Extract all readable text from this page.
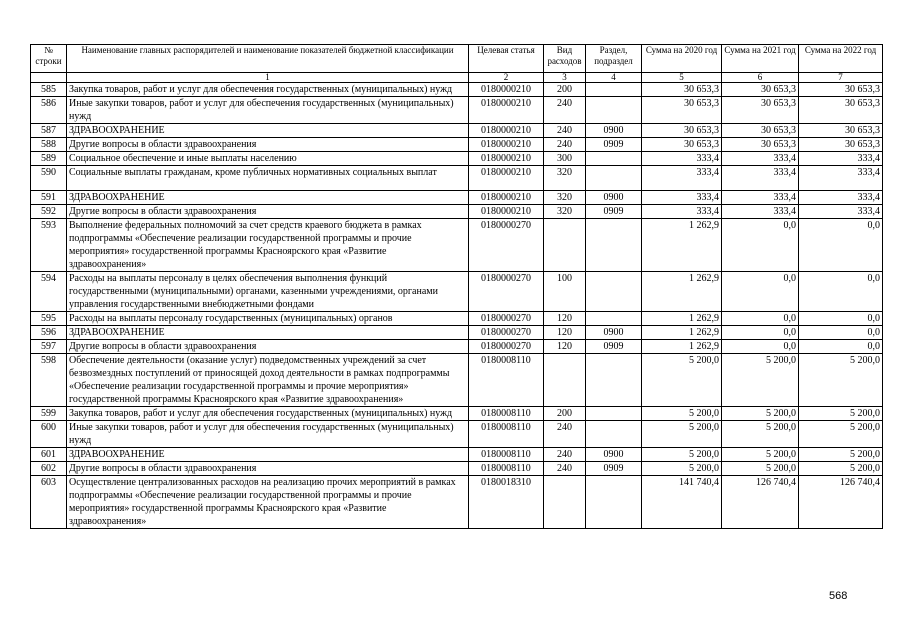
№ строки	Наименование главных распорядителей и наименование показателей бюджетной классификации	Целевая статья	Вид расходов	Раздел, подраздел	Сумма на 2020 год	Сумма на 2021 год	Сумма на 2022 год
	1	2	3	4	5	6	7
585	Закупка товаров, работ и услуг для обеспечения государственных (муниципальных) нужд	0180000210	200		30 653,3	30 653,3	30 653,3
586	Иные закупки товаров, работ и услуг для обеспечения государственных (муниципальных) нужд	0180000210	240		30 653,3	30 653,3	30 653,3
587	ЗДРАВООХРАНЕНИЕ	0180000210	240	0900	30 653,3	30 653,3	30 653,3
588	Другие вопросы в области здравоохранения	0180000210	240	0909	30 653,3	30 653,3	30 653,3
589	Социальное обеспечение и иные выплаты населению	0180000210	300		333,4	333,4	333,4
590	Социальные выплаты гражданам, кроме публичных нормативных социальных выплат	0180000210	320		333,4	333,4	333,4
591	ЗДРАВООХРАНЕНИЕ	0180000210	320	0900	333,4	333,4	333,4
592	Другие вопросы в области здравоохранения	0180000210	320	0909	333,4	333,4	333,4
593	Выполнение федеральных полномочий за счет средств краевого бюджета в рамках подпрограммы «Обеспечение реализации государственной программы и прочие мероприятия» государственной программы Красноярского края «Развитие здравоохранения»	0180000270			1 262,9	0,0	0,0
594	Расходы на выплаты персоналу в целях обеспечения выполнения функций государственными (муниципальными) органами, казенными учреждениями, органами управления государственными внебюджетными фондами	0180000270	100		1 262,9	0,0	0,0
595	Расходы на выплаты персоналу государственных (муниципальных) органов	0180000270	120		1 262,9	0,0	0,0
596	ЗДРАВООХРАНЕНИЕ	0180000270	120	0900	1 262,9	0,0	0,0
597	Другие вопросы в области здравоохранения	0180000270	120	0909	1 262,9	0,0	0,0
598	Обеспечение деятельности (оказание услуг) подведомственных учреждений за счет безвозмездных поступлений от приносящей доход деятельности в рамках подпрограммы «Обеспечение реализации государственной программы и прочие мероприятия» государственной программы Красноярского края «Развитие здравоохранения»	0180008110			5 200,0	5 200,0	5 200,0
599	Закупка товаров, работ и услуг для обеспечения государственных (муниципальных) нужд	0180008110	200		5 200,0	5 200,0	5 200,0
600	Иные закупки товаров, работ и услуг для обеспечения государственных (муниципальных) нужд	0180008110	240		5 200,0	5 200,0	5 200,0
601	ЗДРАВООХРАНЕНИЕ	0180008110	240	0900	5 200,0	5 200,0	5 200,0
602	Другие вопросы в области здравоохранения	0180008110	240	0909	5 200,0	5 200,0	5 200,0
603	Осуществление централизованных расходов на реализацию прочих мероприятий в рамках подпрограммы «Обеспечение реализации государственной программы и прочие мероприятия» государственной программы Красноярского края «Развитие здравоохранения»	0180018310			141 740,4	126 740,4	126 740,4
568
